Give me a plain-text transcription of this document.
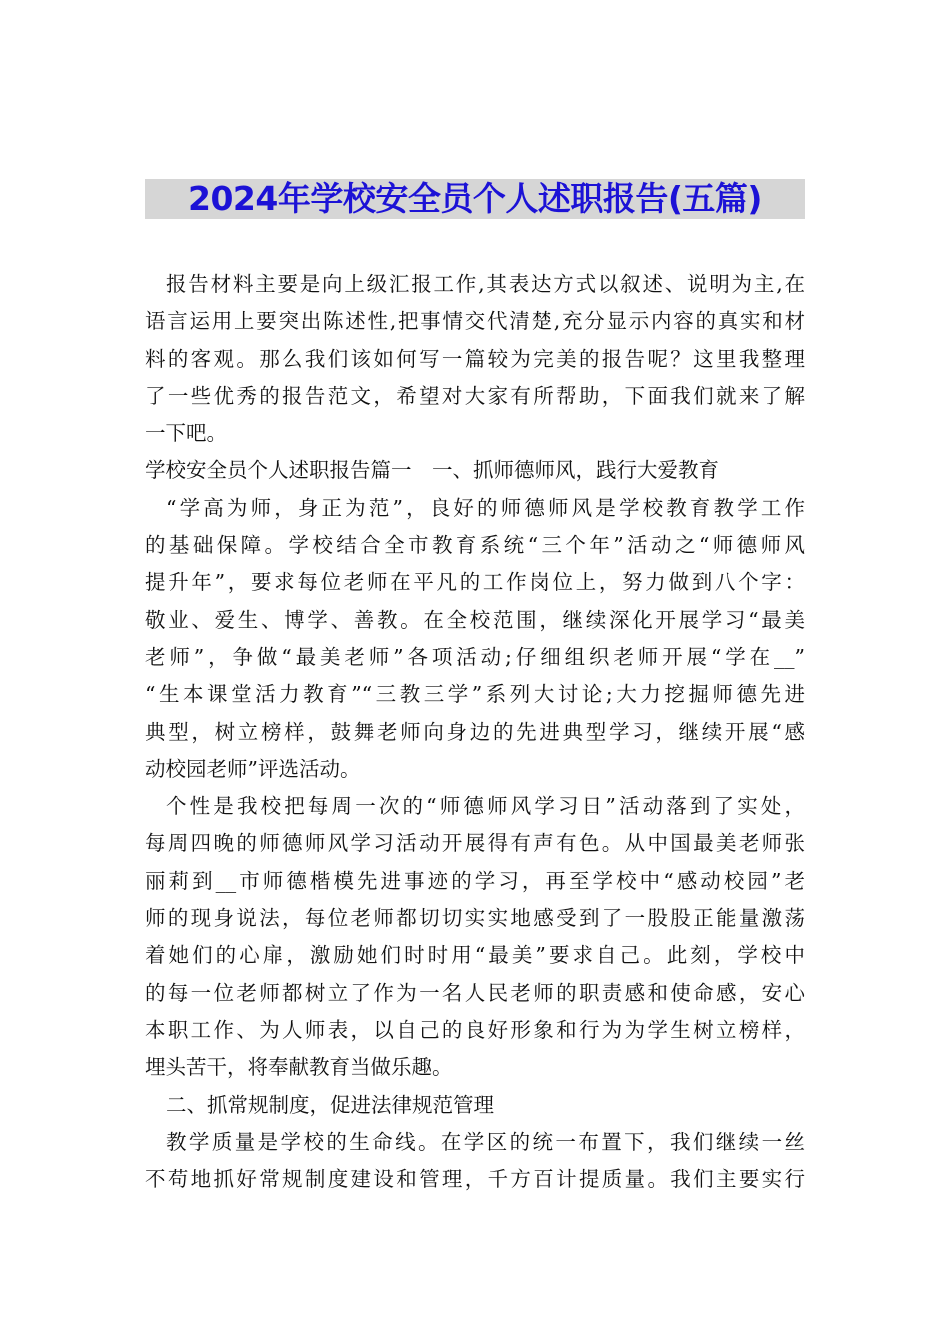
2024年学校安全员个人述职报告(五篇)
报告材料主要是向上级汇报工作,其表达方式以叙述、说明为主,在
语言运用上要突出陈述性,把事情交代清楚,充分显示内容的真实和材
料的客观。那么我们该如何写一篇较为完美的报告呢？这里我整理
了一些优秀的报告范文，希望对大家有所帮助，下面我们就来了解
一下吧。
学校安全员个人述职报告篇一　一、抓师德师风，践行大爱教育
“学高为师，身正为范”，良好的师德师风是学校教育教学工作
的基础保障。学校结合全市教育系统“三个年”活动之“师德师风
提升年”，要求每位老师在平凡的工作岗位上，努力做到八个字：
敬业、爱生、博学、善教。在全校范围，继续深化开展学习“最美
老师”，争做“最美老师”各项活动;仔细组织老师开展“学在__”
“生本课堂活力教育”“三教三学”系列大讨论;大力挖掘师德先进
典型，树立榜样，鼓舞老师向身边的先进典型学习，继续开展“感
动校园老师”评选活动。
个性是我校把每周一次的“师德师风学习日”活动落到了实处，
每周四晚的师德师风学习活动开展得有声有色。从中国最美老师张
丽莉到__市师德楷模先进事迹的学习，再至学校中“感动校园”老
师的现身说法，每位老师都切切实实地感受到了一股股正能量激荡
着她们的心扉，激励她们时时用“最美”要求自己。此刻，学校中
的每一位老师都树立了作为一名人民老师的职责感和使命感，安心
本职工作、为人师表，以自己的良好形象和行为为学生树立榜样，
埋头苦干，将奉献教育当做乐趣。
二、抓常规制度，促进法律规范管理
教学质量是学校的生命线。在学区的统一布置下，我们继续一丝
不苟地抓好常规制度建设和管理，千方百计提质量。我们主要实行
